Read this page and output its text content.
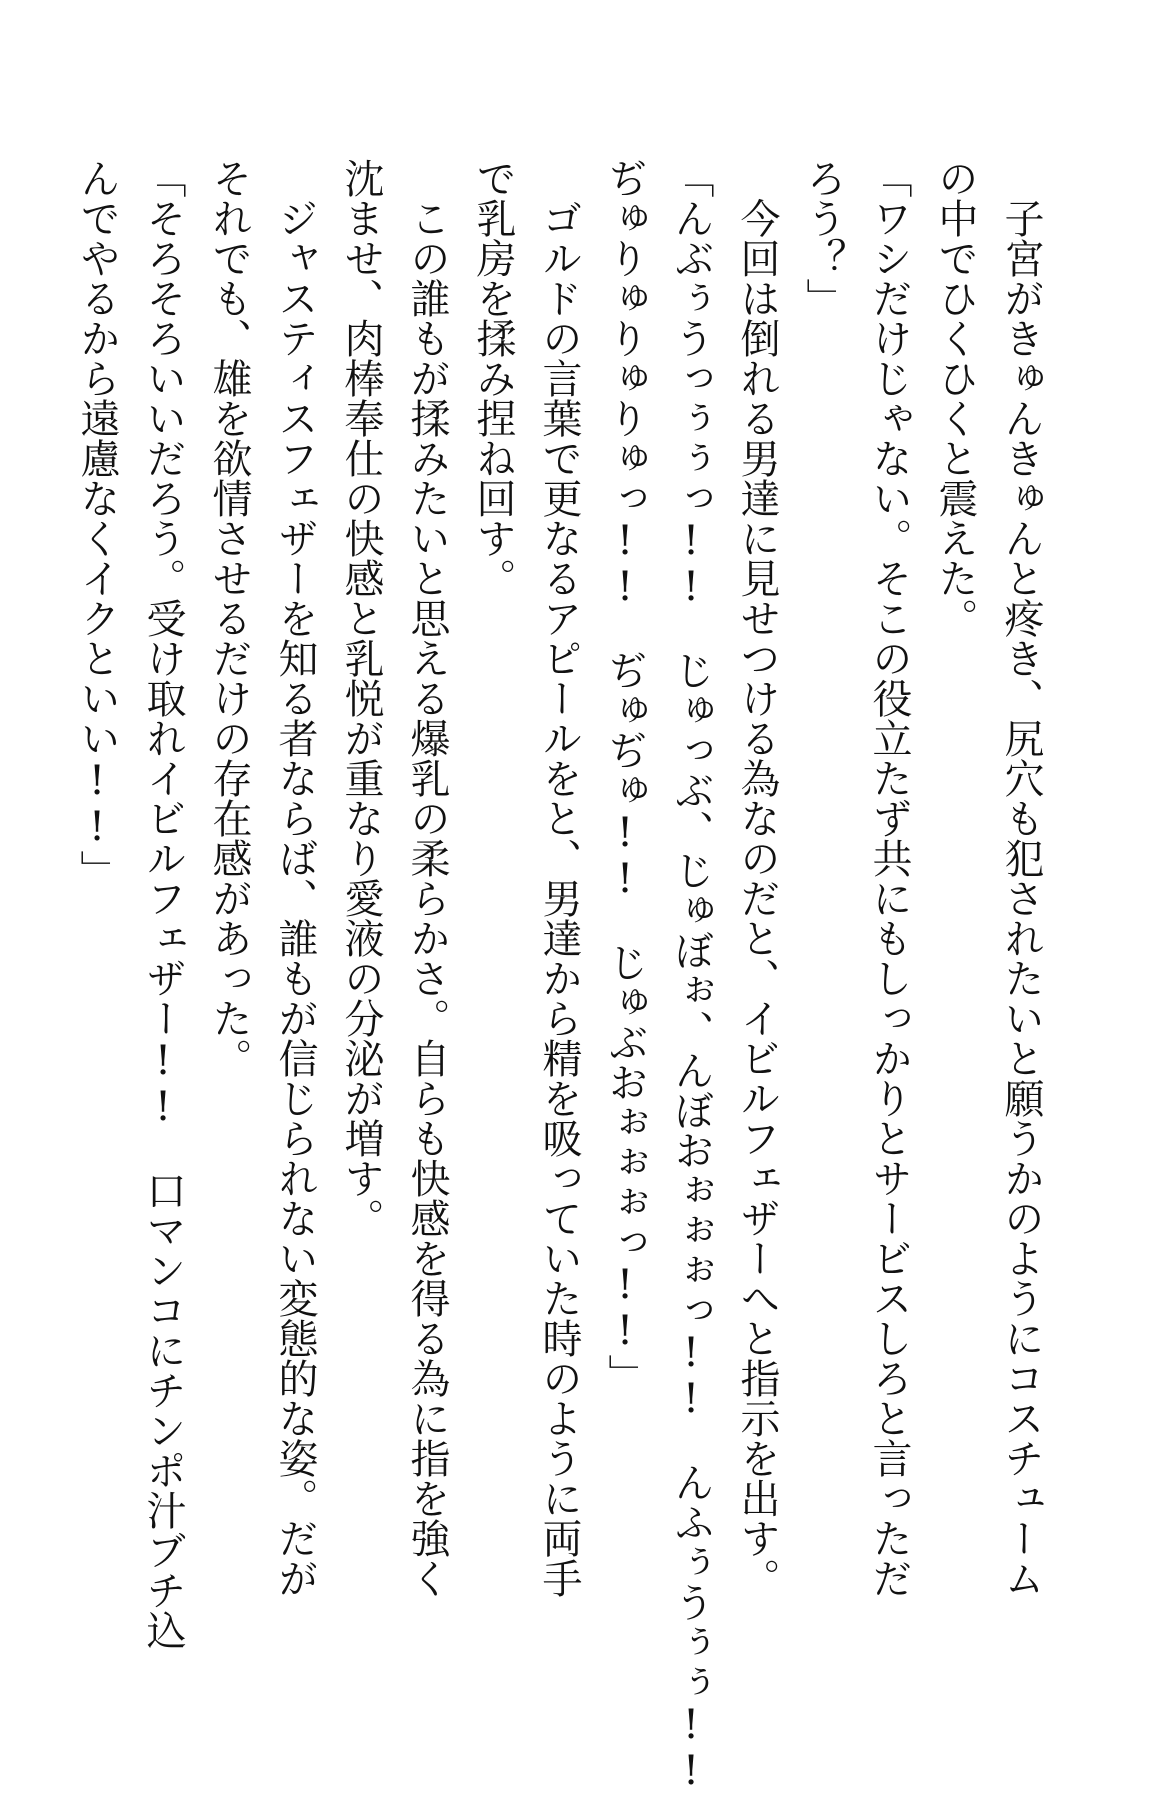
　子宮がきゅんきゅんと疼き、尻穴も犯されたいと願うかのようにコスチューム
の中でひくひくと震えた。
「ワシだけじゃない。そこの役立たず共にもしっかりとサービスしろと言っただ
ろう？」
　今回は倒れる男達に見せつける為なのだと、イビルフェザーへと指示を出す。
「んぶぅうっぅぅっ!!　じゅっぶ、じゅぼぉ、んぼおぉぉぉっ!!　んふぅうぅぅ!!
ぢゅりゅりゅりゅっ!!　ぢゅぢゅ!!　じゅぶおぉぉぉっ!!」
　ゴルドの言葉で更なるアピールをと、男達から精を吸っていた時のように両手
で乳房を揉み捏ね回す。
　この誰もが揉みたいと思える爆乳の柔らかさ。自らも快感を得る為に指を強く
沈ませ、肉棒奉仕の快感と乳悦が重なり愛液の分泌が増す。
　ジャスティスフェザーを知る者ならば、誰もが信じられない変態的な姿。だが
それでも、雄を欲情させるだけの存在感があった。
「そろそろいいだろう。受け取れイビルフェザー!!　口マンコにチンポ汁ブチ込
んでやるから遠慮なくイクといい!!」
